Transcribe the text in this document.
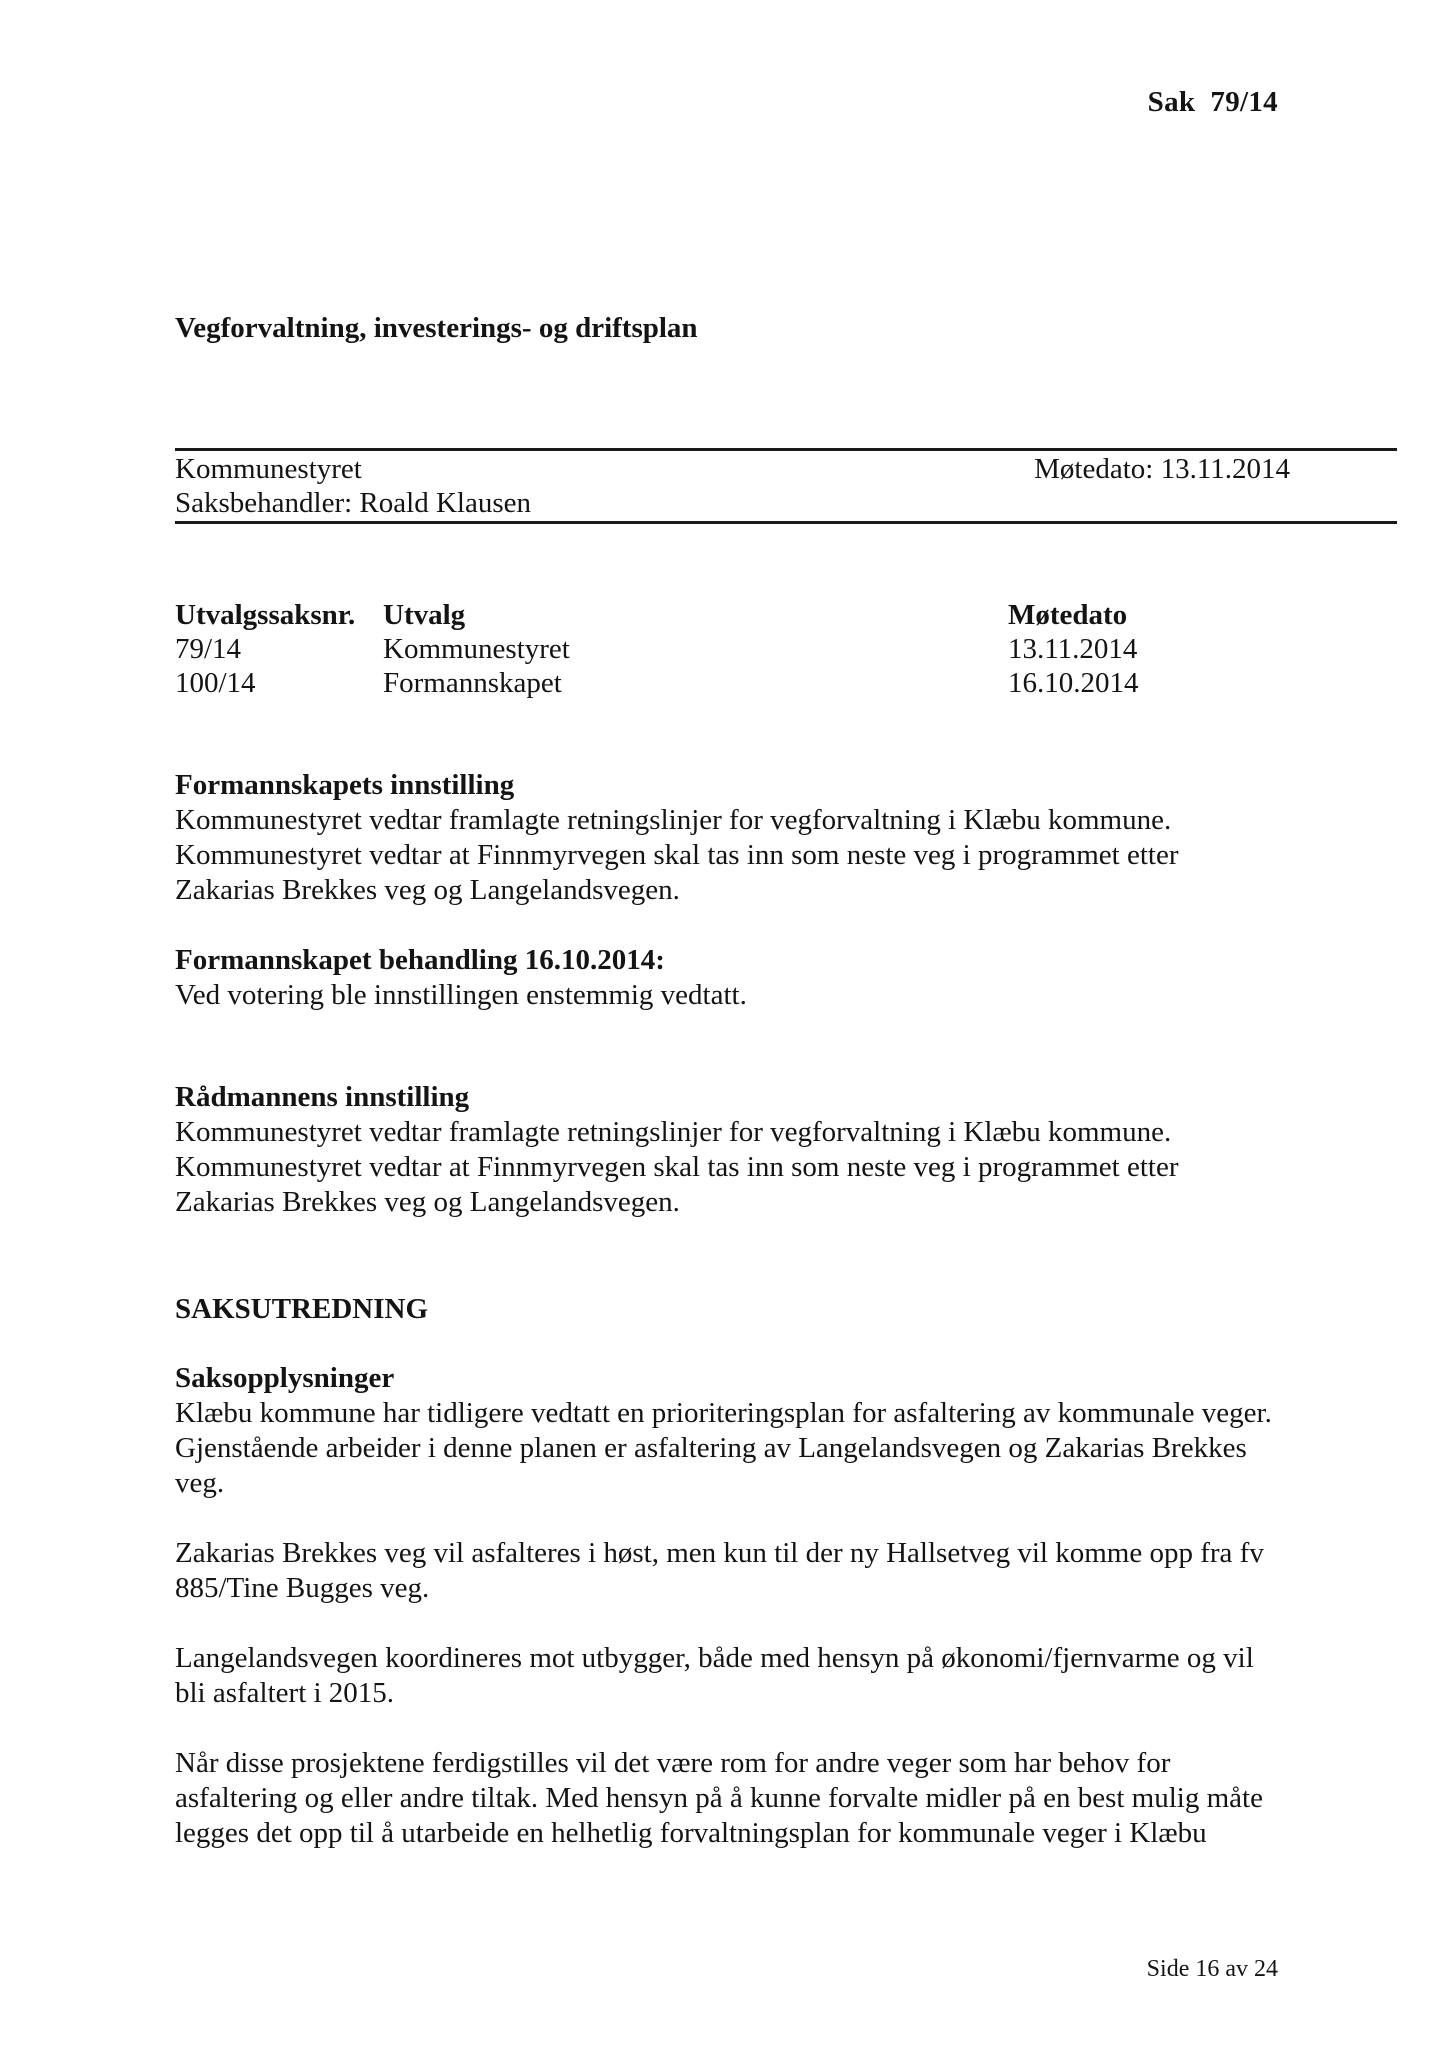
Sak  79/14
Vegforvaltning, investerings- og driftsplan
Kommunestyret	Møtedato: 13.11.2014
Saksbehandler: Roald Klausen
Utvalgssaksnr.	Utvalg	Møtedato
79/14	Kommunestyret	13.11.2014
100/14	Formannskapet	16.10.2014

Formannskapets innstilling

Kommunestyret vedtar framlagte retningslinjer for vegforvaltning i Klæbu kommune.

Kommunestyret vedtar at Finnmyrvegen skal tas inn som neste veg i programmet etter

Zakarias Brekkes veg og Langelandsvegen.

Formannskapet behandling 16.10.2014:

Ved votering ble innstillingen enstemmig vedtatt.

Rådmannens innstilling

Kommunestyret vedtar framlagte retningslinjer for vegforvaltning i Klæbu kommune.

Kommunestyret vedtar at Finnmyrvegen skal tas inn som neste veg i programmet etter

Zakarias Brekkes veg og Langelandsvegen.

SAKSUTREDNING

Saksopplysninger

Klæbu kommune har tidligere vedtatt en prioriteringsplan for asfaltering av kommunale veger.

Gjenstående arbeider i denne planen er asfaltering av Langelandsvegen og Zakarias Brekkes

veg.

Zakarias Brekkes veg vil asfalteres i høst, men kun til der ny Hallsetveg vil komme opp fra fv

885/Tine Bugges veg.

Langelandsvegen koordineres mot utbygger, både med hensyn på økonomi/fjernvarme og vil

bli asfaltert i 2015.

Når disse prosjektene ferdigstilles vil det være rom for andre veger som har behov for

asfaltering og eller andre tiltak. Med hensyn på å kunne forvalte midler på en best mulig måte

legges det opp til å utarbeide en helhetlig forvaltningsplan for kommunale veger i Klæbu

Side 16 av 24
